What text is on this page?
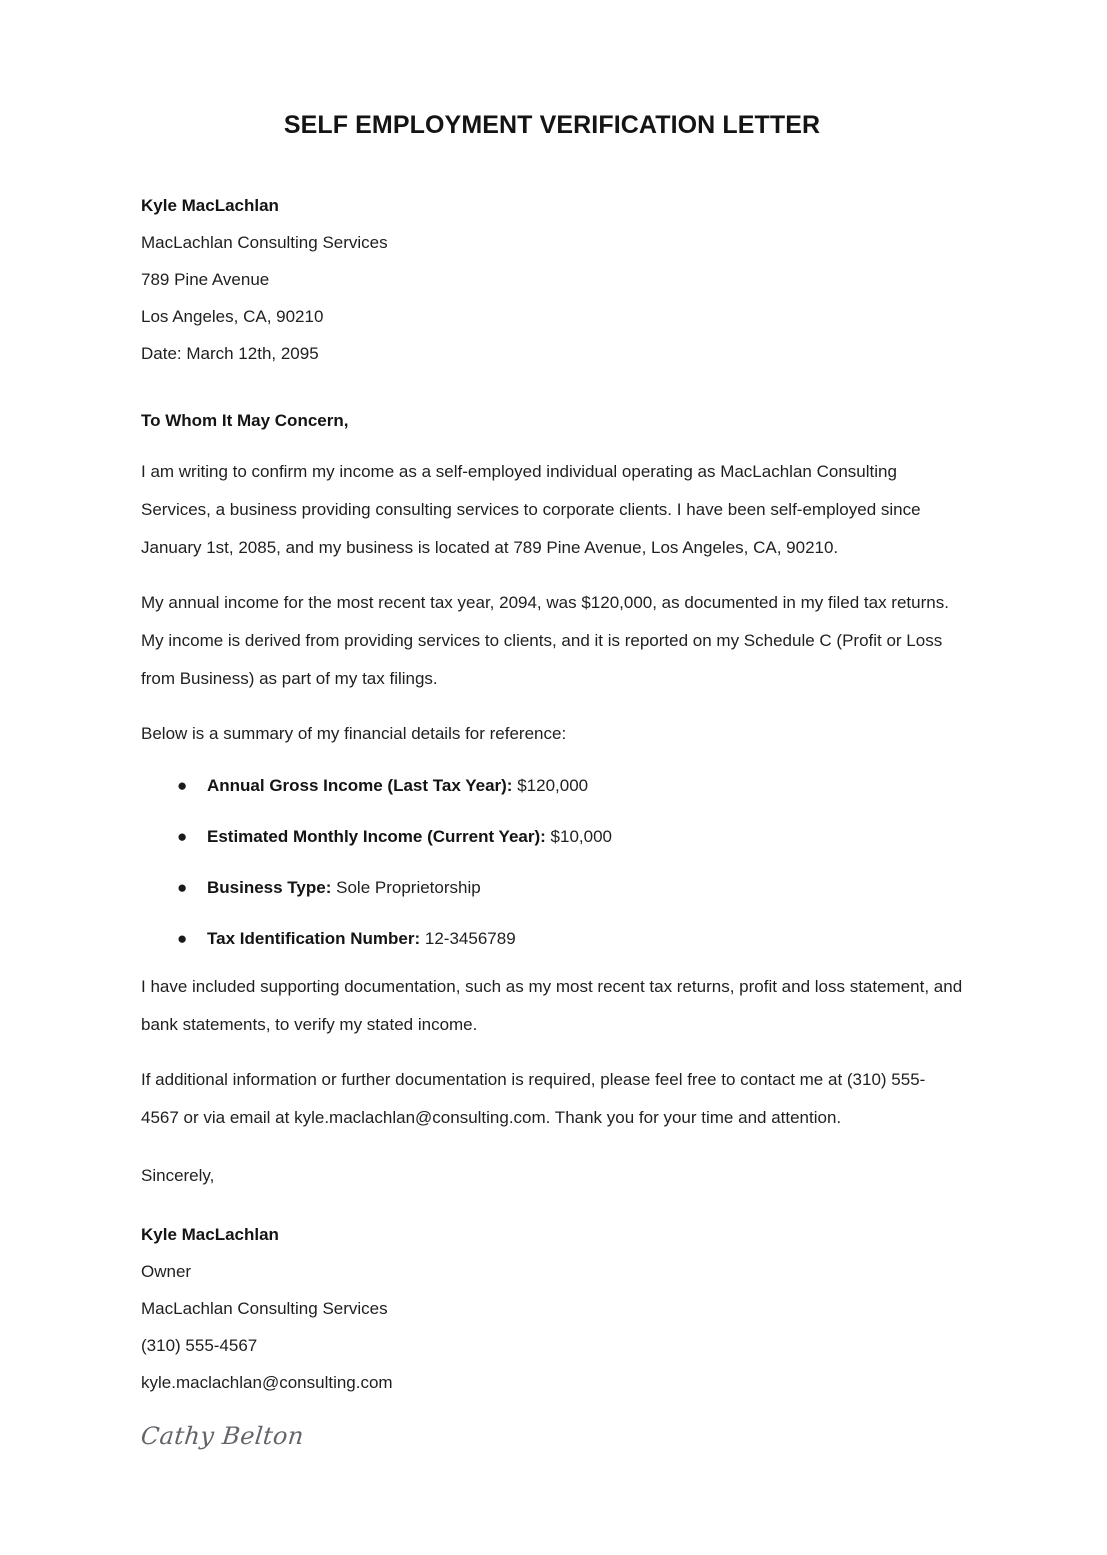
SELF EMPLOYMENT VERIFICATION LETTER
Kyle MacLachlan
MacLachlan Consulting Services
789 Pine Avenue
Los Angeles, CA, 90210
Date: March 12th, 2095
To Whom It May Concern,

I am writing to confirm my income as a self-employed individual operating as MacLachlan Consulting Services, a business providing consulting services to corporate clients. I have been self-employed since January 1st, 2085, and my business is located at 789 Pine Avenue, Los Angeles, CA, 90210.

My annual income for the most recent tax year, 2094, was $120,000, as documented in my filed tax returns. My income is derived from providing services to clients, and it is reported on my Schedule C (Profit or Loss from Business) as part of my tax filings.

Below is a summary of my financial details for reference:

● Annual Gross Income (Last Tax Year): $120,000
● Estimated Monthly Income (Current Year): $10,000
● Business Type: Sole Proprietorship
● Tax Identification Number: 12-3456789

I have included supporting documentation, such as my most recent tax returns, profit and loss statement, and bank statements, to verify my stated income.

If additional information or further documentation is required, please feel free to contact me at (310) 555-4567 or via email at kyle.maclachlan@consulting.com. Thank you for your time and attention.

Sincerely,
Kyle MacLachlan
Owner
MacLachlan Consulting Services
(310) 555-4567
kyle.maclachlan@consulting.com
Cathy Belton
